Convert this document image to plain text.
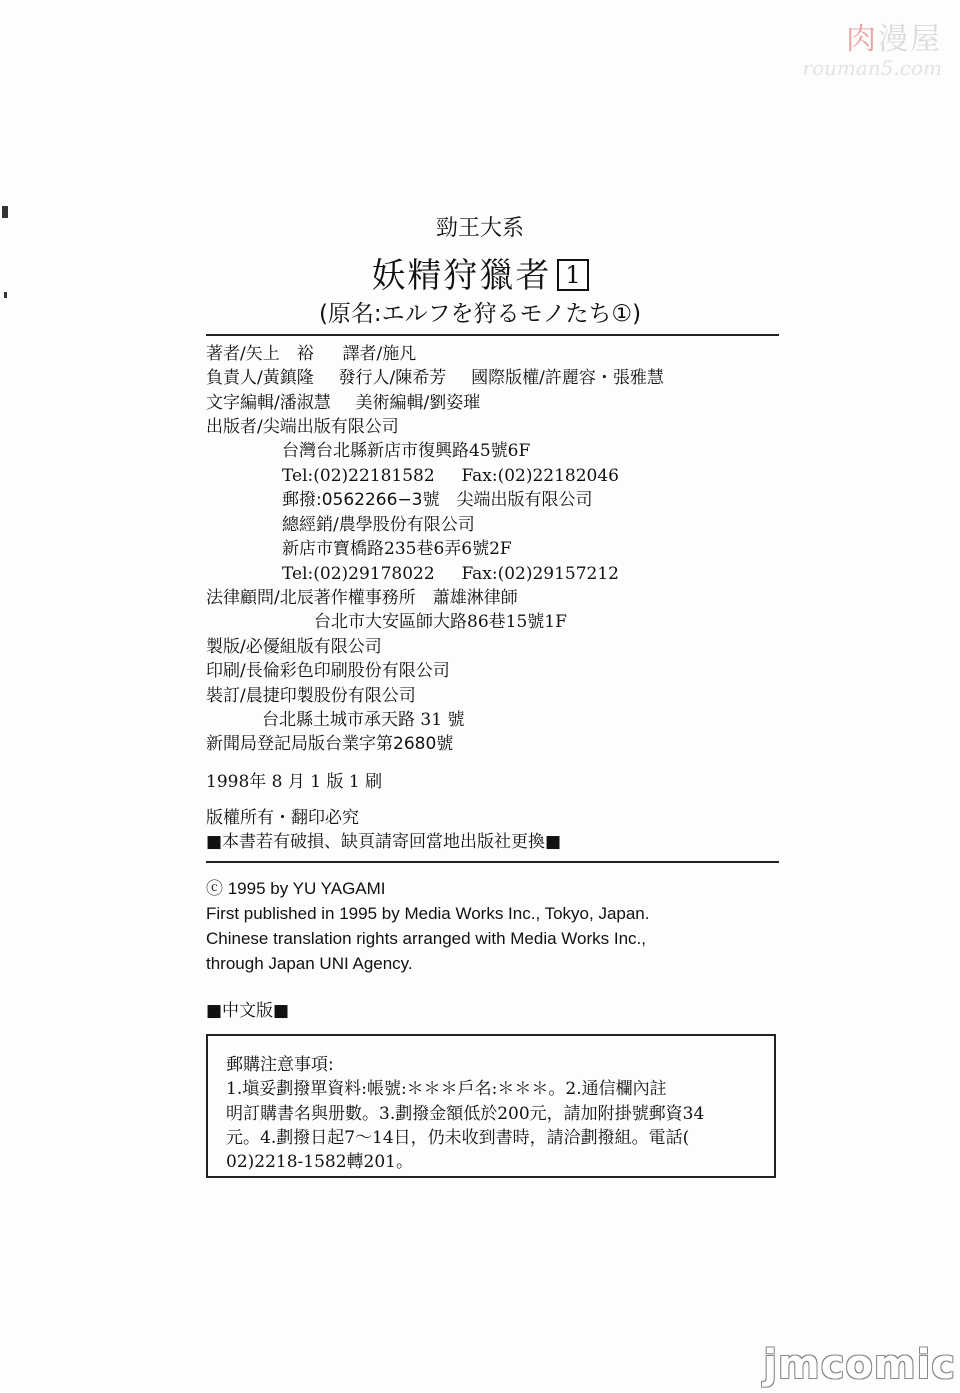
肉漫屋
rouman5.com
jmcomic
勁王大系
妖精狩獵者 1
(原名:エルフを狩るモノたち①)
著者/矢上　裕 譯者/施凡
負責人/黃鎮隆 發行人/陳希芳 國際版權/許麗容・張雅慧
文字編輯/潘淑慧 美術編輯/劉姿璀
出版者/尖端出版有限公司
台灣台北縣新店市復興路45號6F
Tel:(02)22181582 Fax:(02)22182046
郵撥:0562266−3號　尖端出版有限公司
總經銷/農學股份有限公司
新店市寶橋路235巷6弄6號2F
Tel:(02)29178022 Fax:(02)29157212
法律顧問/北辰著作權事務所　蕭雄淋律師
台北市大安區師大路86巷15號1F
製版/必優組版有限公司
印刷/長倫彩色印刷股份有限公司
裝訂/晨捷印製股份有限公司
台北縣土城市承天路 31 號
新聞局登記局版台業字第2680號
1998年 8 月 1 版 1 刷
版權所有・翻印必究
■本書若有破損、缺頁請寄回當地出版社更換■
ⓒ 1995 by YU YAGAMI
First published in 1995 by Media Works Inc., Tokyo, Japan.
Chinese translation rights arranged with Media Works Inc.,
through Japan UNI Agency.
■中文版■
郵購注意事項:
1.塡妥劃撥單資料:帳號:＊＊＊戶名:＊＊＊。2.通信欄內註
明訂購書名與册數。3.劃撥金額低於200元，請加附掛號郵資34
元。4.劃撥日起7～14日，仍未收到書時，請洽劃撥組。電話(
02)2218-1582轉201。
